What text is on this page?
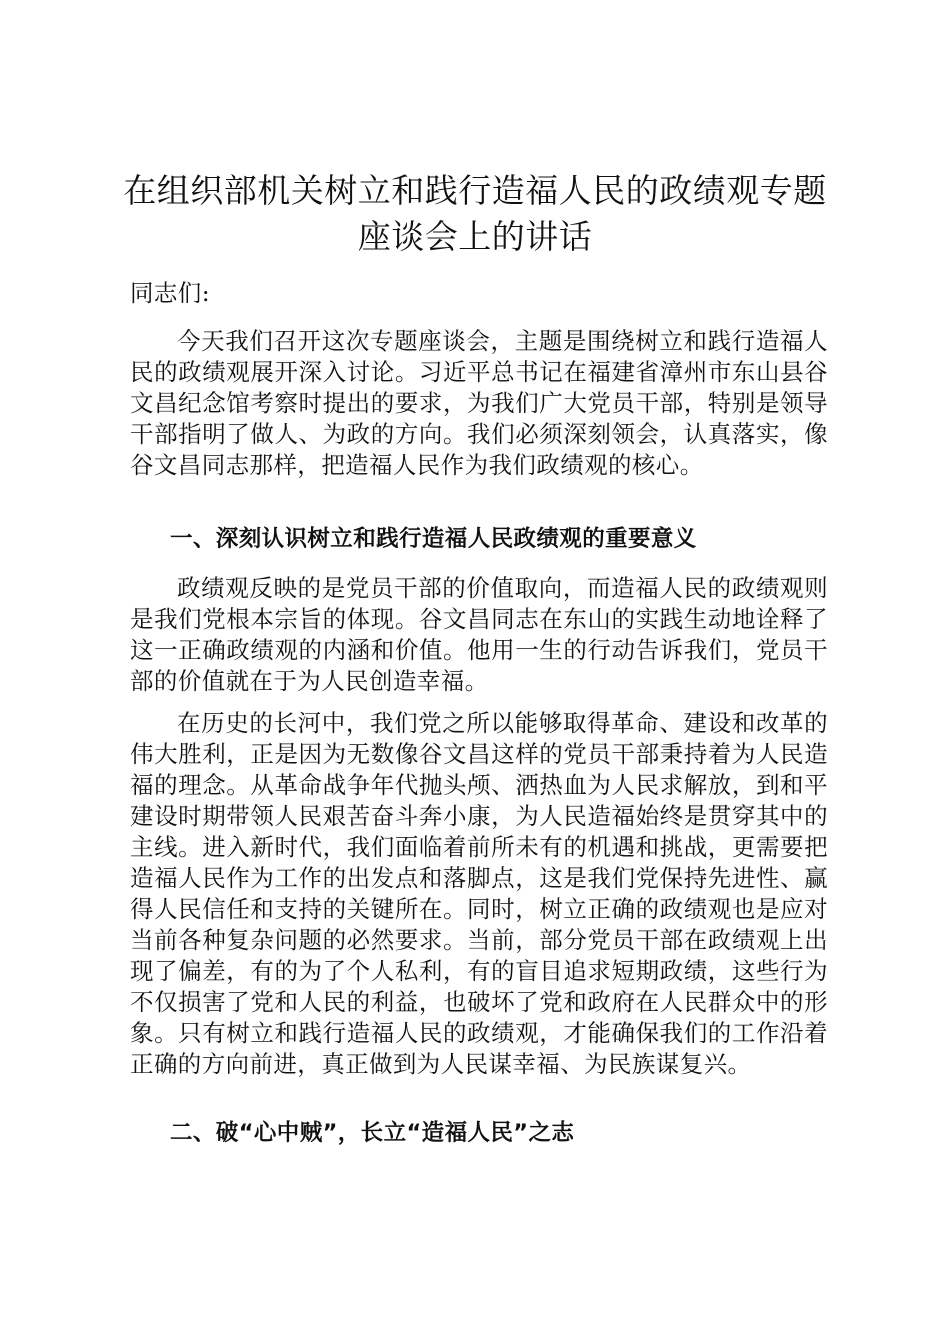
在组织部机关树立和践行造福人民的政绩观专题座谈会上的讲话

同志们:

今天我们召开这次专题座谈会，主题是围绕树立和践行造福人民的政绩观展开深入讨论。习近平总书记在福建省漳州市东山县谷文昌纪念馆考察时提出的要求，为我们广大党员干部，特别是领导干部指明了做人、为政的方向。我们必须深刻领会，认真落实，像谷文昌同志那样，把造福人民作为我们政绩观的核心。

一、深刻认识树立和践行造福人民政绩观的重要意义

政绩观反映的是党员干部的价值取向，而造福人民的政绩观则是我们党根本宗旨的体现。谷文昌同志在东山的实践生动地诠释了这一正确政绩观的内涵和价值。他用一生的行动告诉我们，党员干部的价值就在于为人民创造幸福。

在历史的长河中，我们党之所以能够取得革命、建设和改革的伟大胜利，正是因为无数像谷文昌这样的党员干部秉持着为人民造福的理念。从革命战争年代抛头颅、洒热血为人民求解放，到和平建设时期带领人民艰苦奋斗奔小康，为人民造福始终是贯穿其中的主线。进入新时代，我们面临着前所未有的机遇和挑战，更需要把造福人民作为工作的出发点和落脚点，这是我们党保持先进性、赢得人民信任和支持的关键所在。同时，树立正确的政绩观也是应对当前各种复杂问题的必然要求。当前，部分党员干部在政绩观上出现了偏差，有的为了个人私利，有的盲目追求短期政绩，这些行为不仅损害了党和人民的利益，也破坏了党和政府在人民群众中的形象。只有树立和践行造福人民的政绩观，才能确保我们的工作沿着正确的方向前进，真正做到为人民谋幸福、为民族谋复兴。

二、破“心中贼”，长立“造福人民”之志
